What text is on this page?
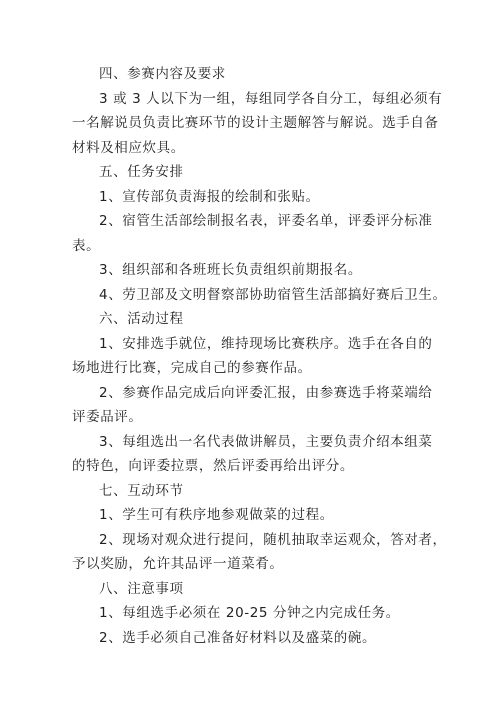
四、参赛内容及要求
3 或 3 人以下为一组，每组同学各自分工，每组必须有
一名解说员负责比赛环节的设计主题解答与解说。选手自备
材料及相应炊具。
五、任务安排
1、宣传部负责海报的绘制和张贴。
2、宿管生活部绘制报名表，评委名单，评委评分标准
表。
3、组织部和各班班长负责组织前期报名。
4、劳卫部及文明督察部协助宿管生活部搞好赛后卫生。
六、活动过程
1、安排选手就位，维持现场比赛秩序。选手在各自的
场地进行比赛，完成自己的参赛作品。
2、参赛作品完成后向评委汇报，由参赛选手将菜端给
评委品评。
3、每组选出一名代表做讲解员，主要负责介绍本组菜
的特色，向评委拉票，然后评委再给出评分。
七、互动环节
1、学生可有秩序地参观做菜的过程。
2、现场对观众进行提问，随机抽取幸运观众，答对者，
予以奖励，允许其品评一道菜肴。
八、注意事项
1、每组选手必须在 20-25 分钟之内完成任务。
2、选手必须自己准备好材料以及盛菜的碗。
